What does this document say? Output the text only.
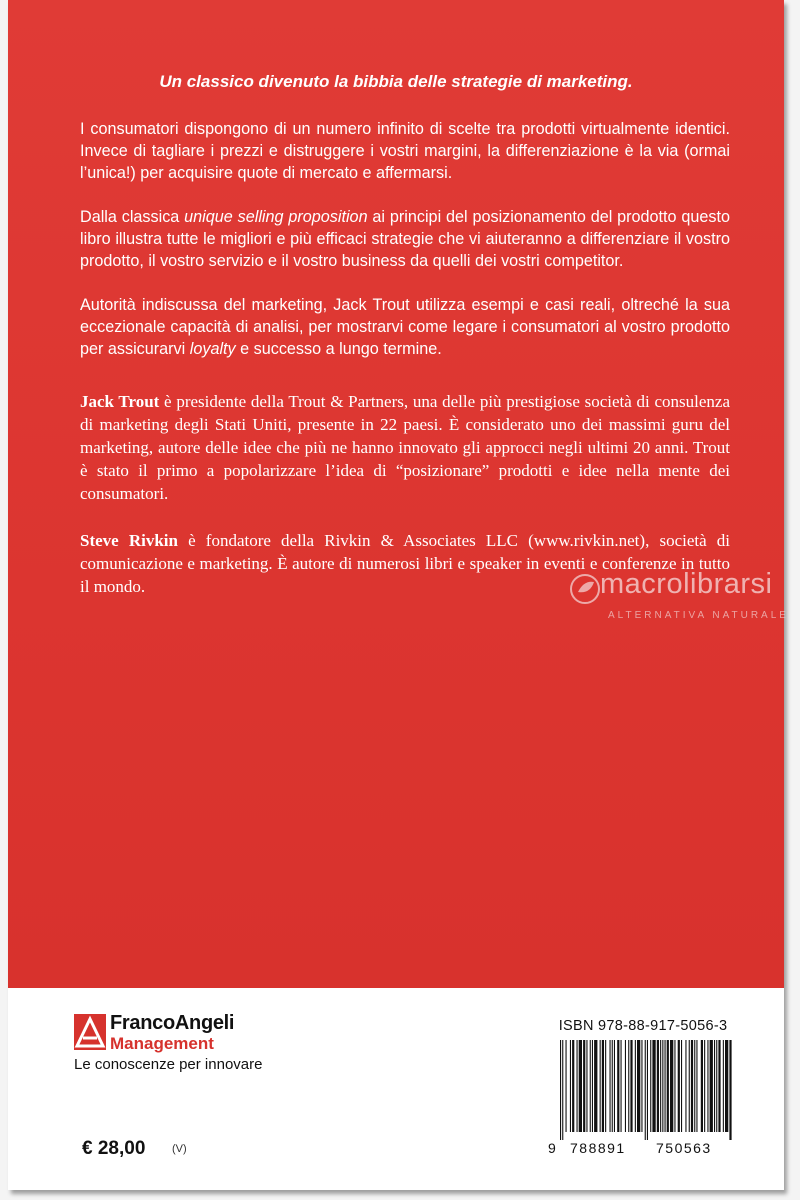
Un classico divenuto la bibbia delle strategie di marketing.

I consumatori dispongono di un numero infinito di scelte tra prodotti virtualmente identici. Invece di tagliare i prezzi e distruggere i vostri margini, la differenziazione è la via (ormai l’unica!) per acquisire quote di mercato e affermarsi.

Dalla classica unique selling proposition ai principi del posizionamento del prodotto questo libro illustra tutte le migliori e più efficaci strategie che vi aiuteranno a differenziare il vostro prodotto, il vostro servizio e il vostro business da quelli dei vostri competitor.

Autorità indiscussa del marketing, Jack Trout utilizza esempi e casi reali, oltreché la sua eccezionale capacità di analisi, per mostrarvi come legare i consumatori al vostro prodotto per assicurarvi loyalty e successo a lungo termine.

Jack Trout è presidente della Trout & Partners, una delle più prestigiose società di consulenza di marketing degli Stati Uniti, presente in 22 paesi. È considerato uno dei massimi guru del marketing, autore delle idee che più ne hanno innovato gli approcci negli ultimi 20 anni. Trout è stato il primo a popolarizzare l’idea di “posizionare” prodotti e idee nella mente dei consumatori.

Steve Rivkin è fondatore della Rivkin & Associates LLC (www.rivkin.net), società di comunicazione e marketing. È autore di numerosi libri e speaker in eventi e conferenze in tutto il mondo.	macrolibrarsi
ALTERNATIVA NATURALE
FrancoAngeli
Management
Le conoscenze per innovare
€ 28,00 (V)
ISBN 978-88-917-5056-3
9 788891 750563
